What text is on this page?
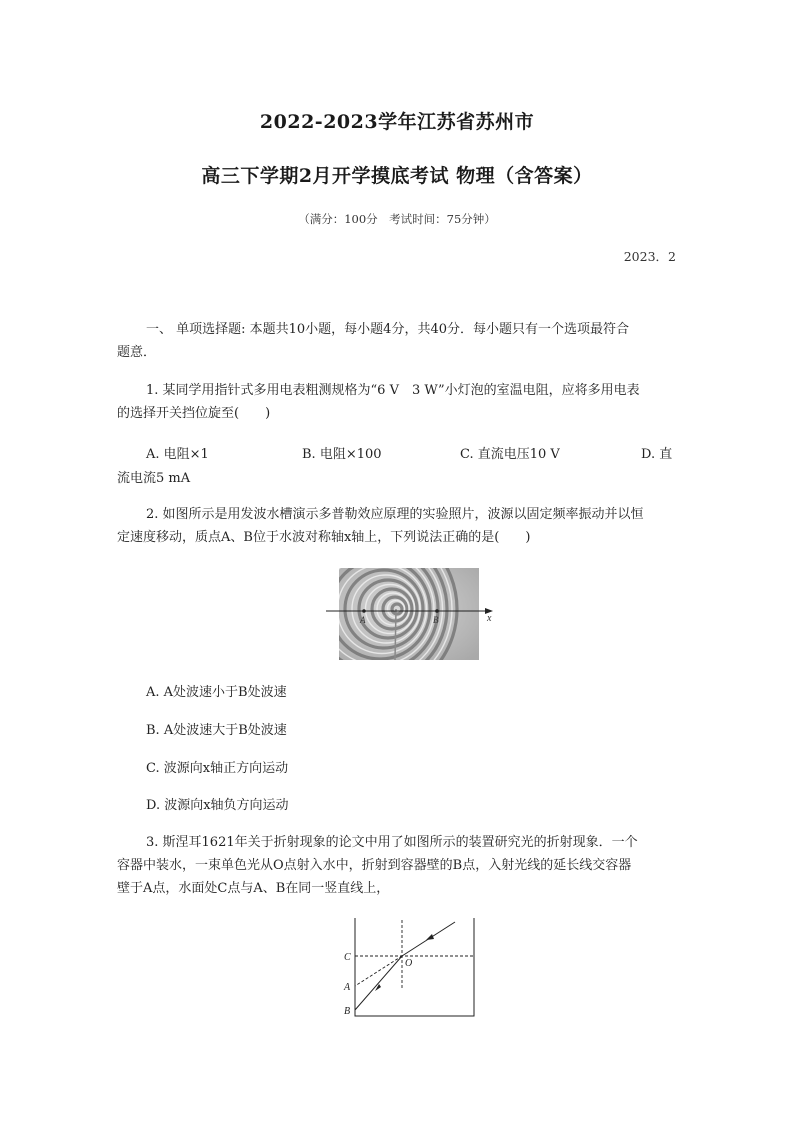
2022-2023学年江苏省苏州市
高三下学期2月开学摸底考试 物理（含答案）
（满分：100分　考试时间：75分钟）
2023．2
一、 单项选择题: 本题共10小题，每小题4分，共40分．每小题只有一个选项最符合
题意．
1. 某同学用指针式多用电表粗测规格为“6 V　3 W”小灯泡的室温电阻，应将多用电表
的选择开关挡位旋至(　　)
A. 电阻×1	B. 电阻×100	C. 直流电压10 V	D. 直
流电流5 mA
2. 如图所示是用发波水槽演示多普勒效应原理的实验照片，波源以固定频率振动并以恒
定速度移动，质点A、B位于水波对称轴x轴上，下列说法正确的是(　　)
A	B	x
A. A处波速小于B处波速
B. A处波速大于B处波速
C. 波源向x轴正方向运动
D. 波源向x轴负方向运动
3. 斯涅耳1621年关于折射现象的论文中用了如图所示的装置研究光的折射现象．一个
容器中装水，一束单色光从O点射入水中，折射到容器壁的B点，入射光线的延长线交容器
壁于A点，水面处C点与A、B在同一竖直线上，
C
O
A
B
